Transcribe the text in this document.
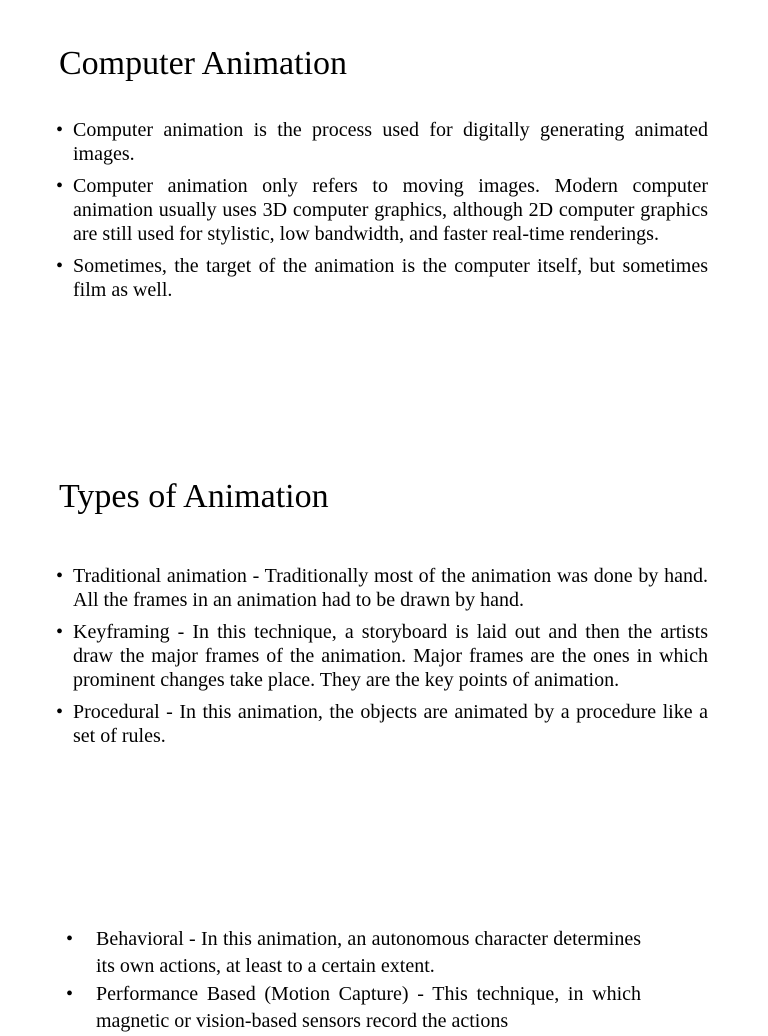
Computer Animation
• Computer animation is the process used for digitally generating animated images.
• Computer animation only refers to moving images. Modern computer animation usually uses 3D computer graphics, although 2D computer graphics are still used for stylistic, low bandwidth, and faster real-time renderings.
• Sometimes, the target of the animation is the computer itself, but sometimes film as well.
Types of Animation
• Traditional animation - Traditionally most of the animation was done by hand. All the frames in an animation had to be drawn by hand.
• Keyframing - In this technique, a storyboard is laid out and then the artists draw the major frames of the animation. Major frames are the ones in which prominent changes take place. They are the key points of animation.
• Procedural - In this animation, the objects are animated by a procedure like a set of rules.
•	Behavioral - In this animation, an autonomous character determines its own actions, at least to a certain extent.
•	Performance Based (Motion Capture) - This technique, in which magnetic or vision-based sensors record the actions
